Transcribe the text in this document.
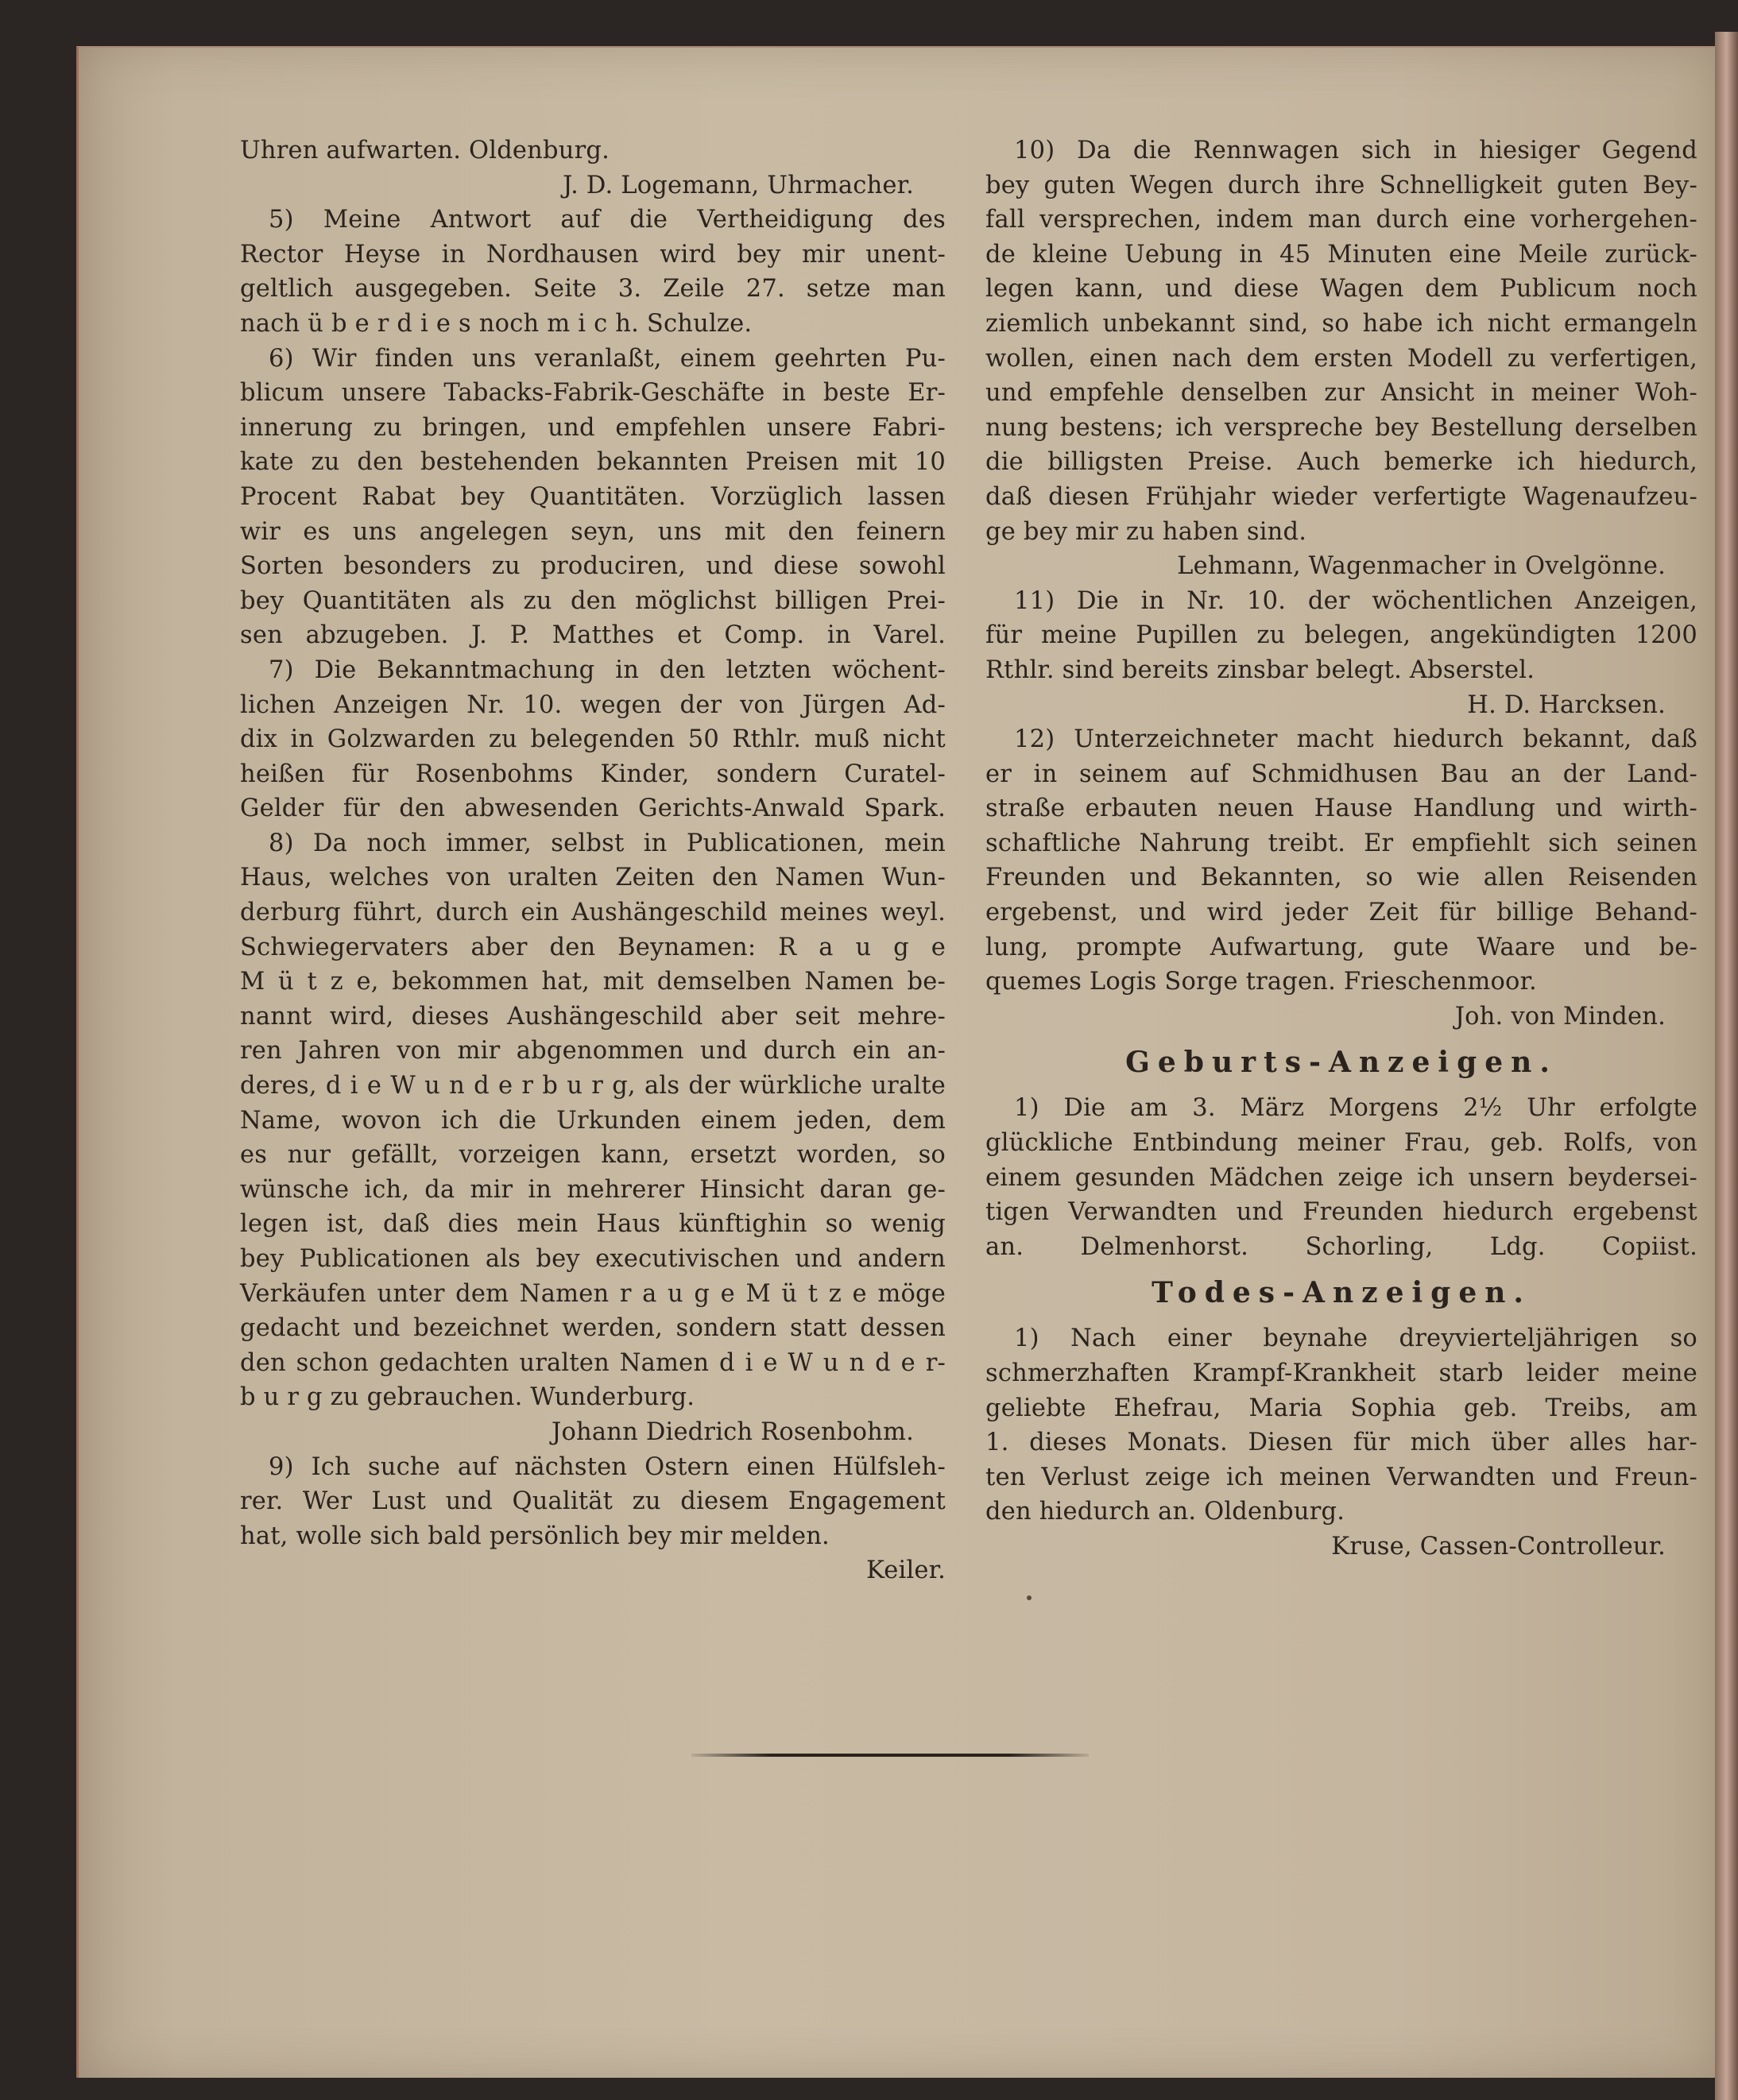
Uhren aufwarten. Oldenburg.
J. D. Logemann, Uhrmacher.
5) Meine Antwort auf die Vertheidigung des
Rector Heyse in Nordhausen wird bey mir unent-
geltlich ausgegeben. Seite 3. Zeile 27. setze man
nach ü b e r d i e s noch m i c h. Schulze.
6) Wir finden uns veranlaßt, einem geehrten Pu-
blicum unsere Tabacks-Fabrik-Geschäfte in beste Er-
innerung zu bringen, und empfehlen unsere Fabri-
kate zu den bestehenden bekannten Preisen mit 10
Procent Rabat bey Quantitäten. Vorzüglich lassen
wir es uns angelegen seyn, uns mit den feinern
Sorten besonders zu produciren, und diese sowohl
bey Quantitäten als zu den möglichst billigen Prei-
sen abzugeben. J. P. Matthes et Comp. in Varel.
7) Die Bekanntmachung in den letzten wöchent-
lichen Anzeigen Nr. 10. wegen der von Jürgen Ad-
dix in Golzwarden zu belegenden 50 Rthlr. muß nicht
heißen für Rosenbohms Kinder, sondern Curatel-
Gelder für den abwesenden Gerichts-Anwald Spark.
8) Da noch immer, selbst in Publicationen, mein
Haus, welches von uralten Zeiten den Namen Wun-
derburg führt, durch ein Aushängeschild meines weyl.
Schwiegervaters aber den Beynamen: R a u g e
M ü t z e, bekommen hat, mit demselben Namen be-
nannt wird, dieses Aushängeschild aber seit mehre-
ren Jahren von mir abgenommen und durch ein an-
deres, d i e W u n d e r b u r g, als der würkliche uralte
Name, wovon ich die Urkunden einem jeden, dem
es nur gefällt, vorzeigen kann, ersetzt worden, so
wünsche ich, da mir in mehrerer Hinsicht daran ge-
legen ist, daß dies mein Haus künftighin so wenig
bey Publicationen als bey executivischen und andern
Verkäufen unter dem Namen r a u g e M ü t z e möge
gedacht und bezeichnet werden, sondern statt dessen
den schon gedachten uralten Namen d i e W u n d e r-
b u r g zu gebrauchen. Wunderburg.
Johann Diedrich Rosenbohm.
9) Ich suche auf nächsten Ostern einen Hülfsleh-
rer. Wer Lust und Qualität zu diesem Engagement
hat, wolle sich bald persönlich bey mir melden.
Keiler.
10) Da die Rennwagen sich in hiesiger Gegend
bey guten Wegen durch ihre Schnelligkeit guten Bey-
fall versprechen, indem man durch eine vorhergehen-
de kleine Uebung in 45 Minuten eine Meile zurück-
legen kann, und diese Wagen dem Publicum noch
ziemlich unbekannt sind, so habe ich nicht ermangeln
wollen, einen nach dem ersten Modell zu verfertigen,
und empfehle denselben zur Ansicht in meiner Woh-
nung bestens; ich verspreche bey Bestellung derselben
die billigsten Preise. Auch bemerke ich hiedurch,
daß diesen Frühjahr wieder verfertigte Wagenaufzeu-
ge bey mir zu haben sind.
Lehmann, Wagenmacher in Ovelgönne.
11) Die in Nr. 10. der wöchentlichen Anzeigen,
für meine Pupillen zu belegen, angekündigten 1200
Rthlr. sind bereits zinsbar belegt. Abserstel.
H. D. Harcksen.
12) Unterzeichneter macht hiedurch bekannt, daß
er in seinem auf Schmidhusen Bau an der Land-
straße erbauten neuen Hause Handlung und wirth-
schaftliche Nahrung treibt. Er empfiehlt sich seinen
Freunden und Bekannten, so wie allen Reisenden
ergebenst, und wird jeder Zeit für billige Behand-
lung, prompte Aufwartung, gute Waare und be-
quemes Logis Sorge tragen. Frieschenmoor.
Joh. von Minden.
Geburts-Anzeigen.
1) Die am 3. März Morgens 2½ Uhr erfolgte
glückliche Entbindung meiner Frau, geb. Rolfs, von
einem gesunden Mädchen zeige ich unsern beydersei-
tigen Verwandten und Freunden hiedurch ergebenst
an. Delmenhorst. Schorling, Ldg. Copiist.
Todes-Anzeigen.
1) Nach einer beynahe dreyvierteljährigen so
schmerzhaften Krampf-Krankheit starb leider meine
geliebte Ehefrau, Maria Sophia geb. Treibs, am
1. dieses Monats. Diesen für mich über alles har-
ten Verlust zeige ich meinen Verwandten und Freun-
den hiedurch an. Oldenburg.
Kruse, Cassen-Controlleur.
